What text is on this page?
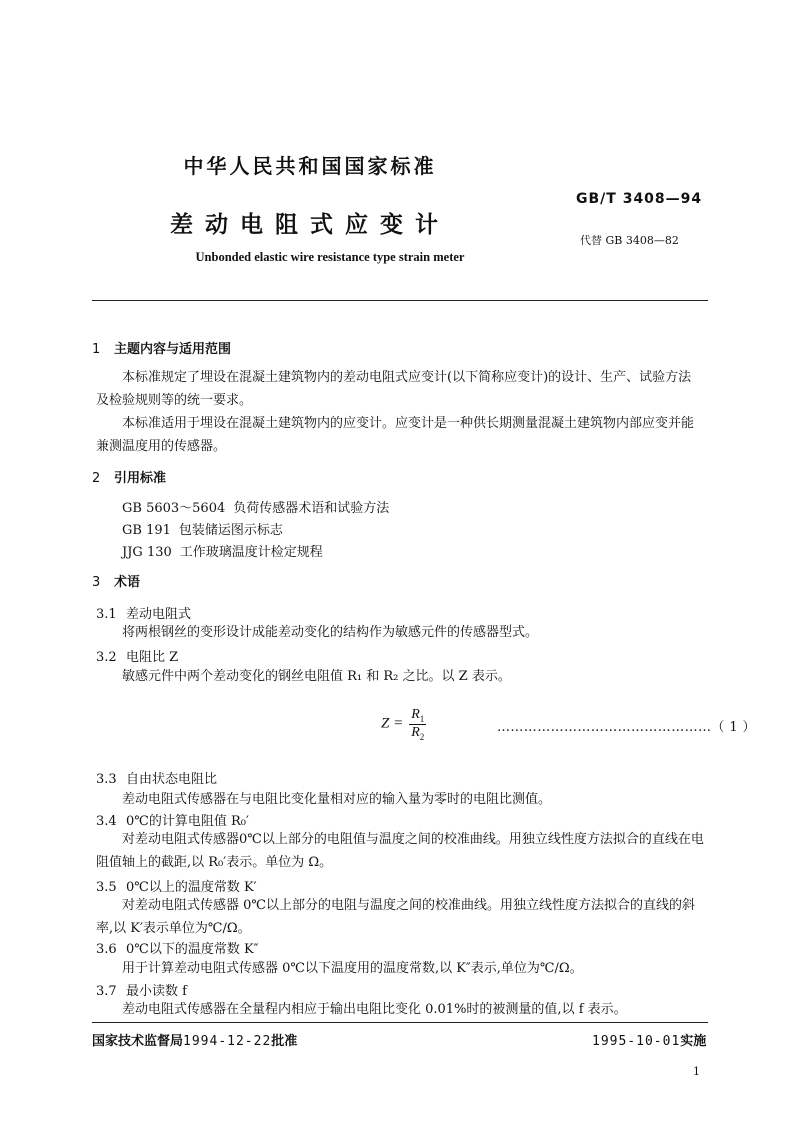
中华人民共和国国家标准
GB/T 3408—94
差动电阻式应变计
代替 GB 3408—82
Unbonded elastic wire resistance type strain meter
1 主题内容与适用范围
本标准规定了埋设在混凝土建筑物内的差动电阻式应变计(以下简称应变计)的设计、生产、试验方法及检验规则等的统一要求。
本标准适用于埋设在混凝土建筑物内的应变计。应变计是一种供长期测量混凝土建筑物内部应变并能兼测温度用的传感器。
2 引用标准
GB 5603～5604 负荷传感器术语和试验方法
GB 191 包装储运图示标志
JJG 130 工作玻璃温度计检定规程
3 术语
3.1 差动电阻式
将两根钢丝的变形设计成能差动变化的结构作为敏感元件的传感器型式。
3.2 电阻比 Z
敏感元件中两个差动变化的钢丝电阻值 R₁ 和 R₂ 之比。以 Z 表示。
$Z = \frac{R_1}{R_2}$	…………………………………………（ 1 ）
3.3 自由状态电阻比
差动电阻式传感器在与电阻比变化量相对应的输入量为零时的电阻比测值。
3.4 0℃的计算电阻值 R₀′
对差动电阻式传感器0℃以上部分的电阻值与温度之间的校准曲线。用独立线性度方法拟合的直线在电阻值轴上的截距,以 R₀′表示。单位为 Ω。
3.5 0℃以上的温度常数 K′
对差动电阻式传感器 0℃以上部分的电阻与温度之间的校准曲线。用独立线性度方法拟合的直线的斜率,以 K′表示单位为℃/Ω。
3.6 0℃以下的温度常数 K″
用于计算差动电阻式传感器 0℃以下温度用的温度常数,以 K″表示,单位为℃/Ω。
3.7 最小读数 f
差动电阻式传感器在全量程内相应于输出电阻比变化 0.01%时的被测量的值,以 f 表示。
国家技术监督局1994-12-22批准	1995-10-01实施
1
